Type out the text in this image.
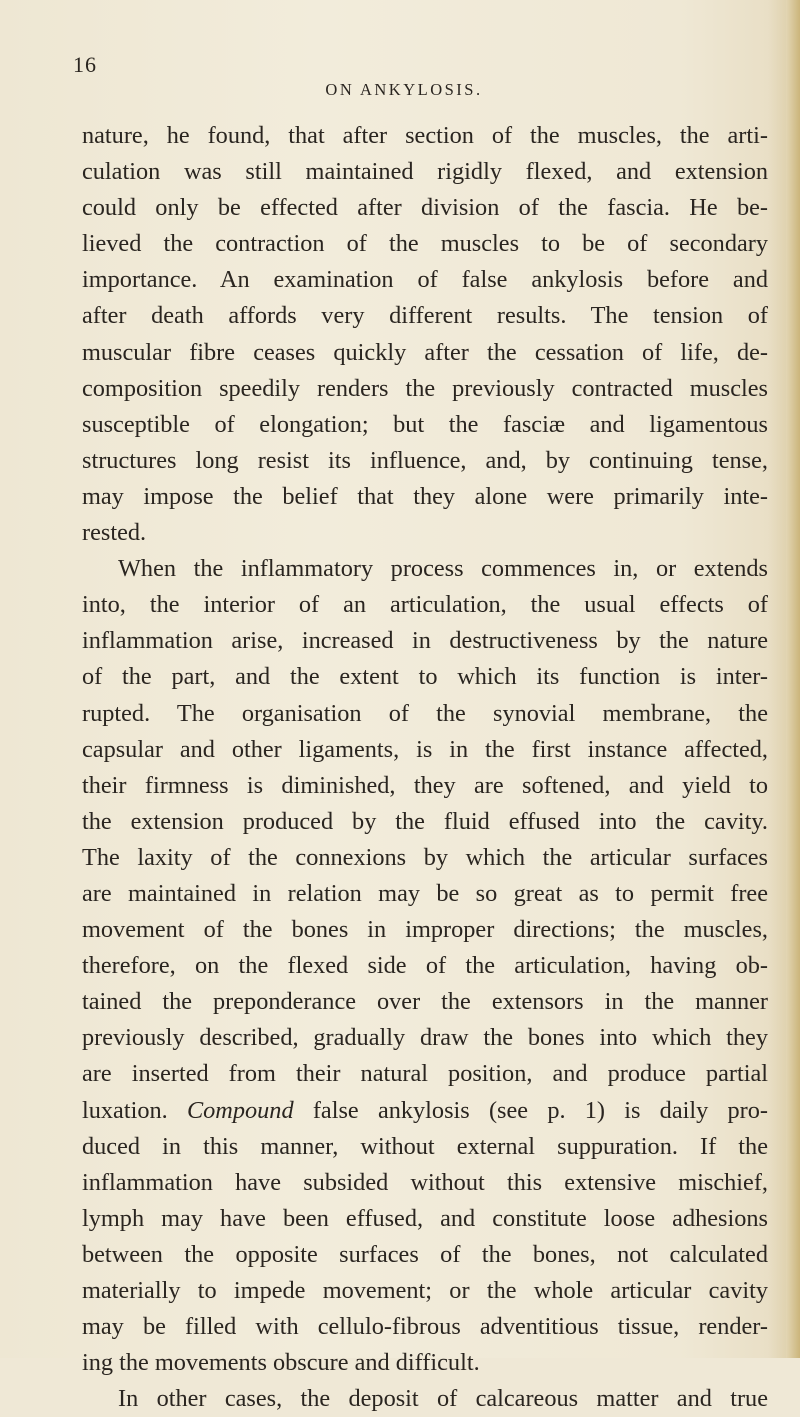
16
ON ANKYLOSIS.
nature, he found, that after section of the muscles, the arti-
culation was still maintained rigidly flexed, and extension
could only be effected after division of the fascia. He be-
lieved the contraction of the muscles to be of secondary
importance. An examination of false ankylosis before and
after death affords very different results. The tension of
muscular fibre ceases quickly after the cessation of life, de-
composition speedily renders the previously contracted muscles
susceptible of elongation; but the fasciæ and ligamentous
structures long resist its influence, and, by continuing tense,
may impose the belief that they alone were primarily inte-
rested.
When the inflammatory process commences in, or extends
into, the interior of an articulation, the usual effects of
inflammation arise, increased in destructiveness by the nature
of the part, and the extent to which its function is inter-
rupted. The organisation of the synovial membrane, the
capsular and other ligaments, is in the first instance affected,
their firmness is diminished, they are softened, and yield to
the extension produced by the fluid effused into the cavity.
The laxity of the connexions by which the articular surfaces
are maintained in relation may be so great as to permit free
movement of the bones in improper directions; the muscles,
therefore, on the flexed side of the articulation, having ob-
tained the preponderance over the extensors in the manner
previously described, gradually draw the bones into which they
are inserted from their natural position, and produce partial
luxation. Compound false ankylosis (see p. 1) is daily pro-
duced in this manner, without external suppuration. If the
inflammation have subsided without this extensive mischief,
lymph may have been effused, and constitute loose adhesions
between the opposite surfaces of the bones, not calculated
materially to impede movement; or the whole articular cavity
may be filled with cellulo-fibrous adventitious tissue, render-
ing the movements obscure and difficult.
In other cases, the deposit of calcareous matter and true
